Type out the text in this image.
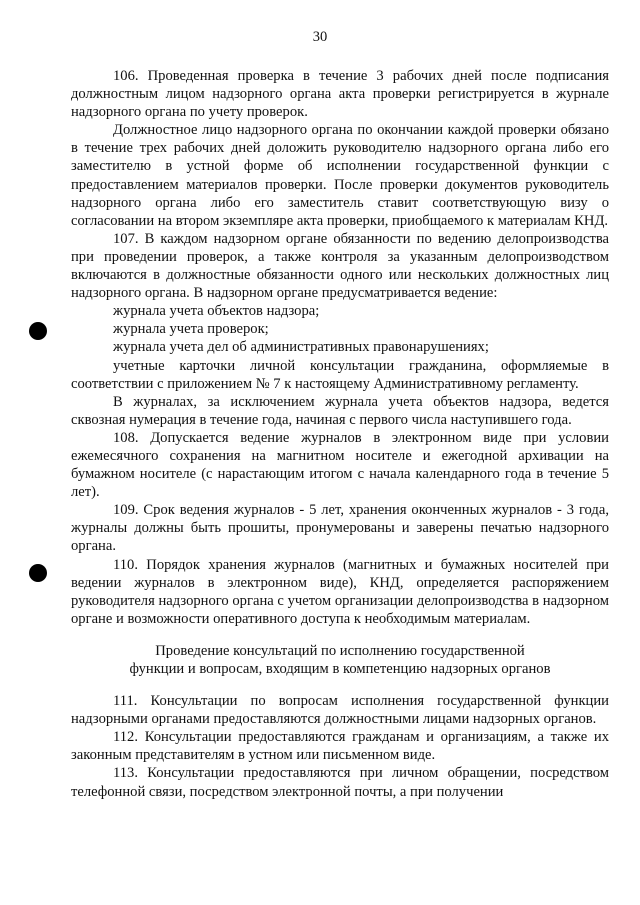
30

106. Проведенная проверка в течение 3 рабочих дней после подписания должностным лицом надзорного органа акта проверки регистрируется в журнале надзорного органа по учету проверок.

Должностное лицо надзорного органа по окончании каждой проверки обязано в течение трех рабочих дней доложить руководителю надзорного органа либо его заместителю в устной форме об исполнении государственной функции с предоставлением материалов проверки. После проверки документов руководитель надзорного органа либо его заместитель ставит соответствующую визу о согласовании на втором экземпляре акта проверки, приобщаемого к материалам КНД.

107. В каждом надзорном органе обязанности по ведению делопроизводства при проведении проверок, а также контроля за указанным делопроизводством включаются в должностные обязанности одного или нескольких должностных лиц надзорного органа. В надзорном органе предусматривается ведение:

журнала учета объектов надзора;

журнала учета проверок;

журнала учета дел об административных правонарушениях;

учетные карточки личной консультации гражданина, оформляемые в соответствии с приложением № 7 к настоящему Административному регламенту.

В журналах, за исключением журнала учета объектов надзора, ведется сквозная нумерация в течение года, начиная с первого числа наступившего года.

108. Допускается ведение журналов в электронном виде при условии ежемесячного сохранения на магнитном носителе и ежегодной архивации на бумажном носителе (с нарастающим итогом с начала календарного года в течение 5 лет).

109. Срок ведения журналов - 5 лет, хранения оконченных журналов - 3 года, журналы должны быть прошиты, пронумерованы и заверены печатью надзорного органа.

110. Порядок хранения журналов (магнитных и бумажных носителей при ведении журналов в электронном виде), КНД, определяется распоряжением руководителя надзорного органа с учетом организации делопроизводства в надзорном органе и возможности оперативного доступа к необходимым материалам.

Проведение консультаций по исполнению государственной
функции и вопросам, входящим в компетенцию надзорных органов

111. Консультации по вопросам исполнения государственной функции надзорными органами предоставляются должностными лицами надзорных органов.

112. Консультации предоставляются гражданам и организациям, а также их законным представителям в устном или письменном виде.

113. Консультации предоставляются при личном обращении, посредством телефонной связи, посредством электронной почты, а при получении
